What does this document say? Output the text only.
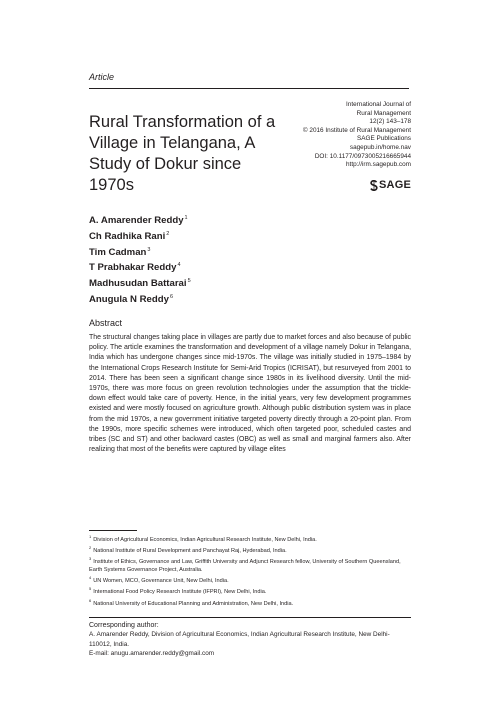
Article
Rural Transformation of a Village in Telangana, A Study of Dokur since 1970s
International Journal of
Rural Management
12(2) 143–178
© 2016 Institute of Rural Management
SAGE Publications
sagepub.in/home.nav
DOI: 10.1177/0973005216665944
http://irm.sagepub.com
SAGE
A. Amarender Reddy$^1$
Ch Radhika Rani$^2$
Tim Cadman$^3$
T Prabhakar Reddy$^4$
Madhusudan Battarai$^5$
Anugula N Reddy$^6$
Abstract
The structural changes taking place in villages are partly due to market forces and also because of public policy. The article examines the transformation and development of a village namely Dokur in Telangana, India which has undergone changes since mid-1970s. The village was initially studied in 1975–1984 by the International Crops Research Institute for Semi-Arid Tropics (ICRISAT), but resurveyed from 2001 to 2014. There has been seen a significant change since 1980s in its livelihood diversity. Until the mid-1970s, there was more focus on green revolution technologies under the assumption that the trickle-down effect would take care of poverty. Hence, in the initial years, very few development programmes existed and were mostly focused on agriculture growth. Although public distribution system was in place from the mid 1970s, a new government initiative targeted poverty directly through a 20-point plan. From the 1990s, more specific schemes were introduced, which often targeted poor, scheduled castes and tribes (SC and ST) and other backward castes (OBC) as well as small and marginal farmers also. After realizing that most of the benefits were captured by village elites
$^1$Division of Agricultural Economics, Indian Agricultural Research Institute, New Delhi, India.
$^2$National Institute of Rural Development and Panchayat Raj, Hyderabad, India.
$^3$Institute of Ethics, Governance and Law, Griffith University and Adjunct Research fellow, University of Southern Queensland, Earth Systems Governance Project, Australia.
$^4$UN Women, MCO, Governance Unit, New Delhi, India.
$^5$International Food Policy Research Institute (IFPRI), New Delhi, India.
$^6$National University of Educational Planning and Administration, New Delhi, India.
Corresponding author:
A. Amarender Reddy, Division of Agricultural Economics, Indian Agricultural Research Institute, New Delhi-110012, India.
E-mail: anugu.amarender.reddy@gmail.com
